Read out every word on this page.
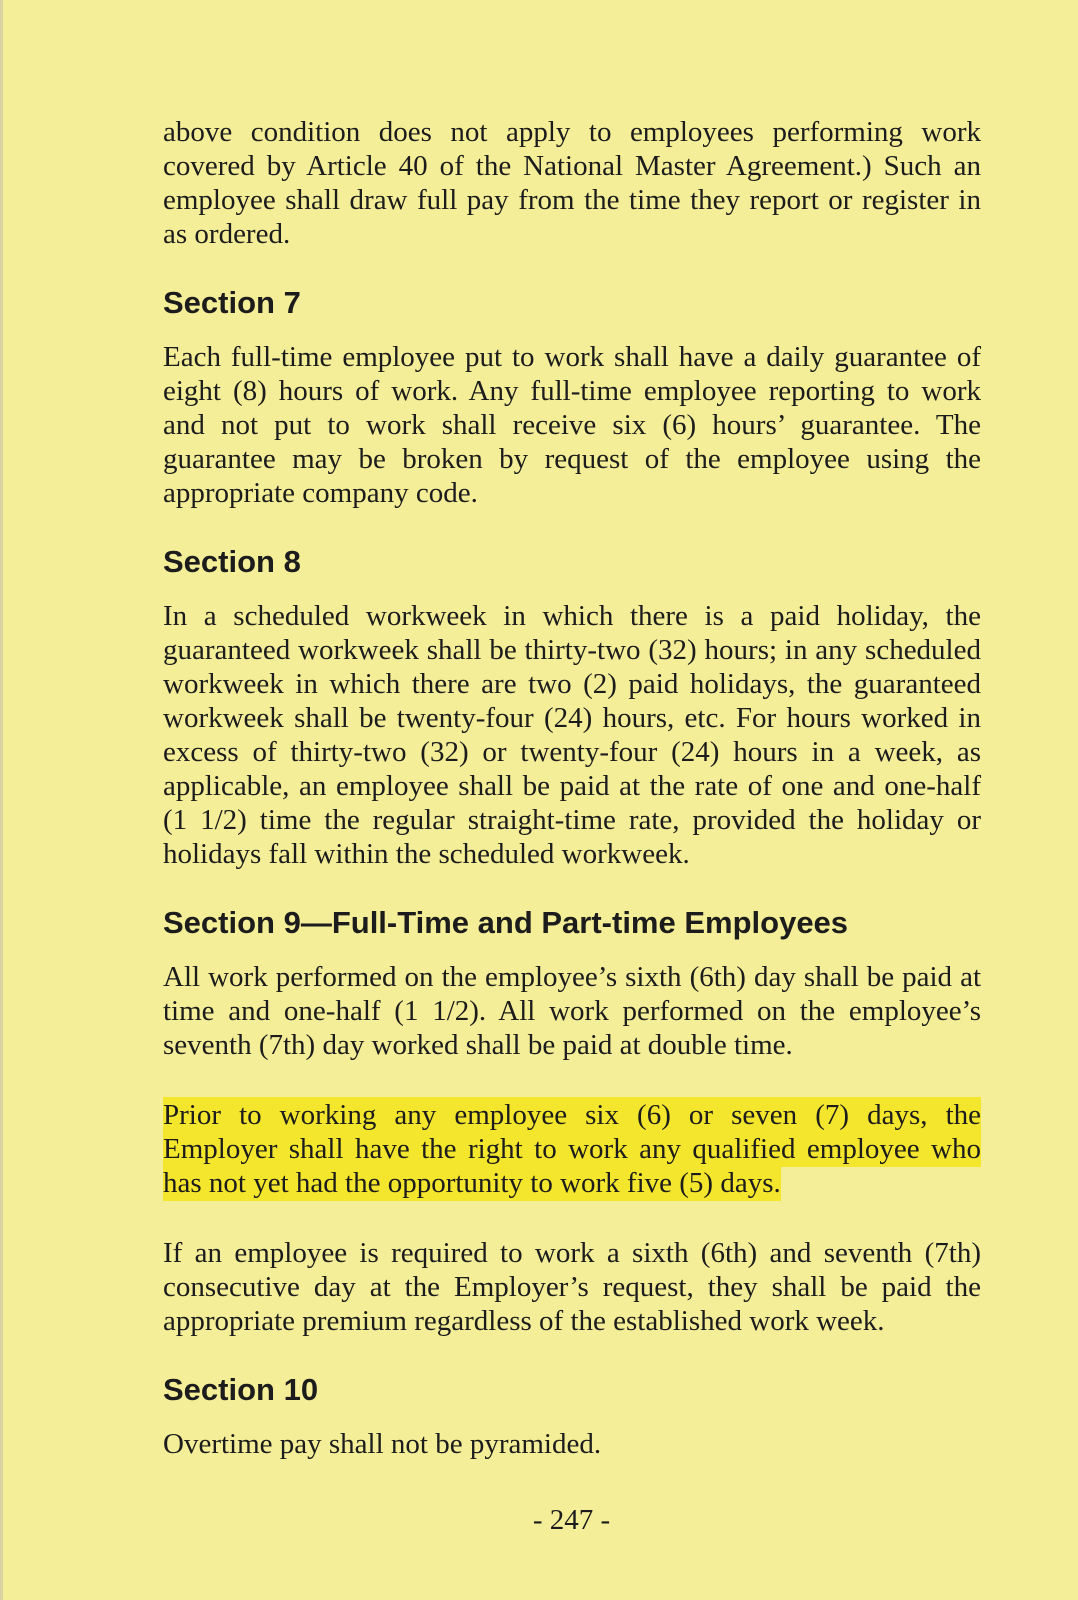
above condition does not apply to employees performing work covered by Article 40 of the National Master Agreement.) Such an employee shall draw full pay from the time they report or register in as ordered.

Section 7

Each full-time employee put to work shall have a daily guarantee of eight (8) hours of work. Any full-time employee reporting to work and not put to work shall receive six (6) hours’ guarantee. The guarantee may be broken by request of the employee using the appropriate company code.

Section 8

In a scheduled workweek in which there is a paid holiday, the guaranteed workweek shall be thirty-two (32) hours; in any scheduled workweek in which there are two (2) paid holidays, the guaranteed workweek shall be twenty-four (24) hours, etc. For hours worked in excess of thirty-two (32) or twenty-four (24) hours in a week, as applicable, an employee shall be paid at the rate of one and one-half (1 1/2) time the regular straight-time rate, provided the holiday or holidays fall within the scheduled workweek.

Section 9—Full-Time and Part-time Employees

All work performed on the employee’s sixth (6th) day shall be paid at time and one-half (1 1/2). All work performed on the employee’s seventh (7th) day worked shall be paid at double time.

Prior to working any employee six (6) or seven (7) days, the Employer shall have the right to work any qualified employee who has not yet had the opportunity to work five (5) days.

If an employee is required to work a sixth (6th) and seventh (7th) consecutive day at the Employer’s request, they shall be paid the appropriate premium regardless of the established work week.

Section 10

Overtime pay shall not be pyramided.

- 247 -
